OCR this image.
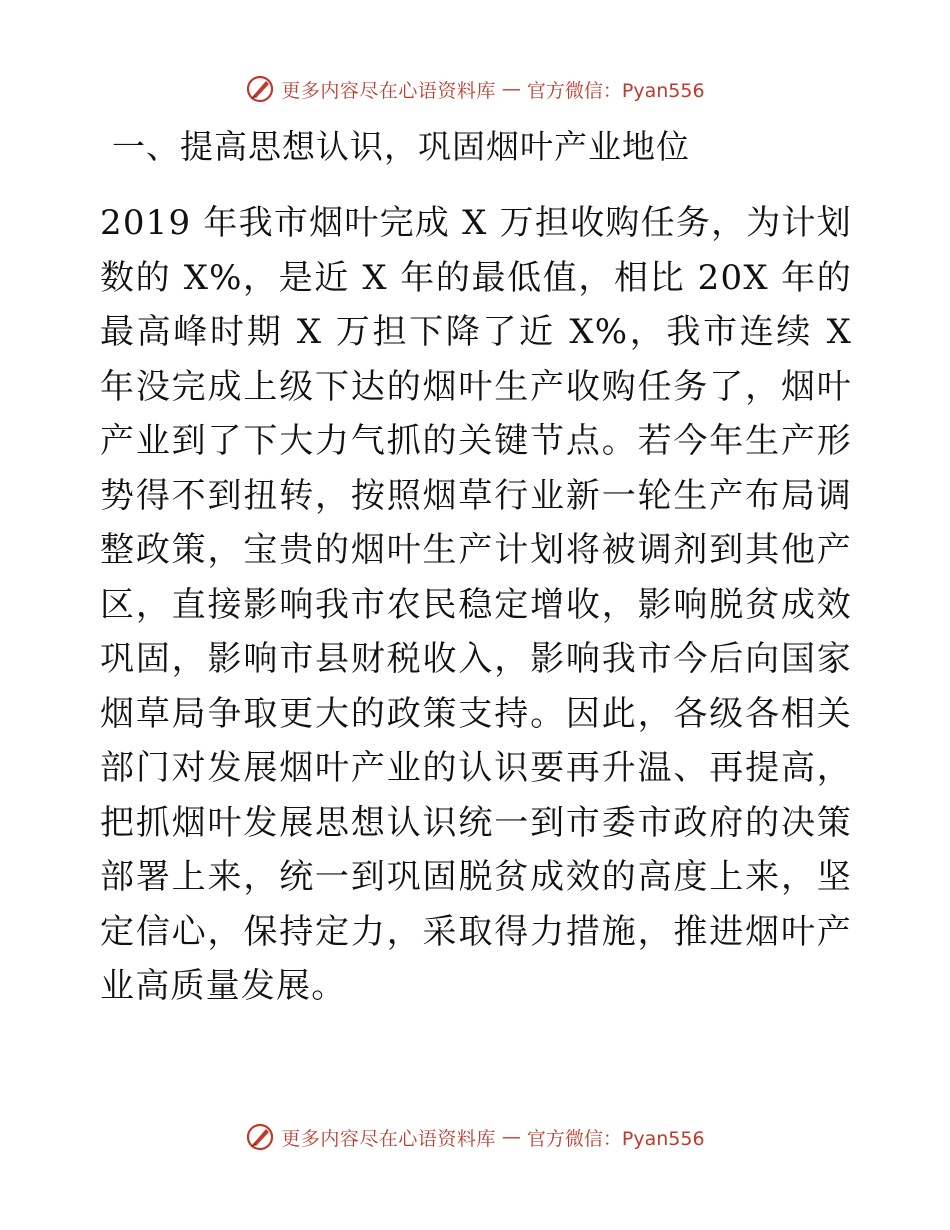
更多内容尽在心语资料库 — 官方微信：Pyan556
一、提高思想认识，巩固烟叶产业地位

2019 年我市烟叶完成 X 万担收购任务，为计划数的 X%，是近 X 年的最低值，相比 20X 年的最高峰时期 X 万担下降了近 X%，我市连续 X 年没完成上级下达的烟叶生产收购任务了，烟叶产业到了下大力气抓的关键节点。若今年生产形势得不到扭转，按照烟草行业新一轮生产布局调整政策，宝贵的烟叶生产计划将被调剂到其他产区，直接影响我市农民稳定增收，影响脱贫成效巩固，影响市县财税收入，影响我市今后向国家烟草局争取更大的政策支持。因此，各级各相关部门对发展烟叶产业的认识要再升温、再提高，把抓烟叶发展思想认识统一到市委市政府的决策部署上来，统一到巩固脱贫成效的高度上来，坚定信心，保持定力，采取得力措施，推进烟叶产业高质量发展。

更多内容尽在心语资料库 — 官方微信：Pyan556
